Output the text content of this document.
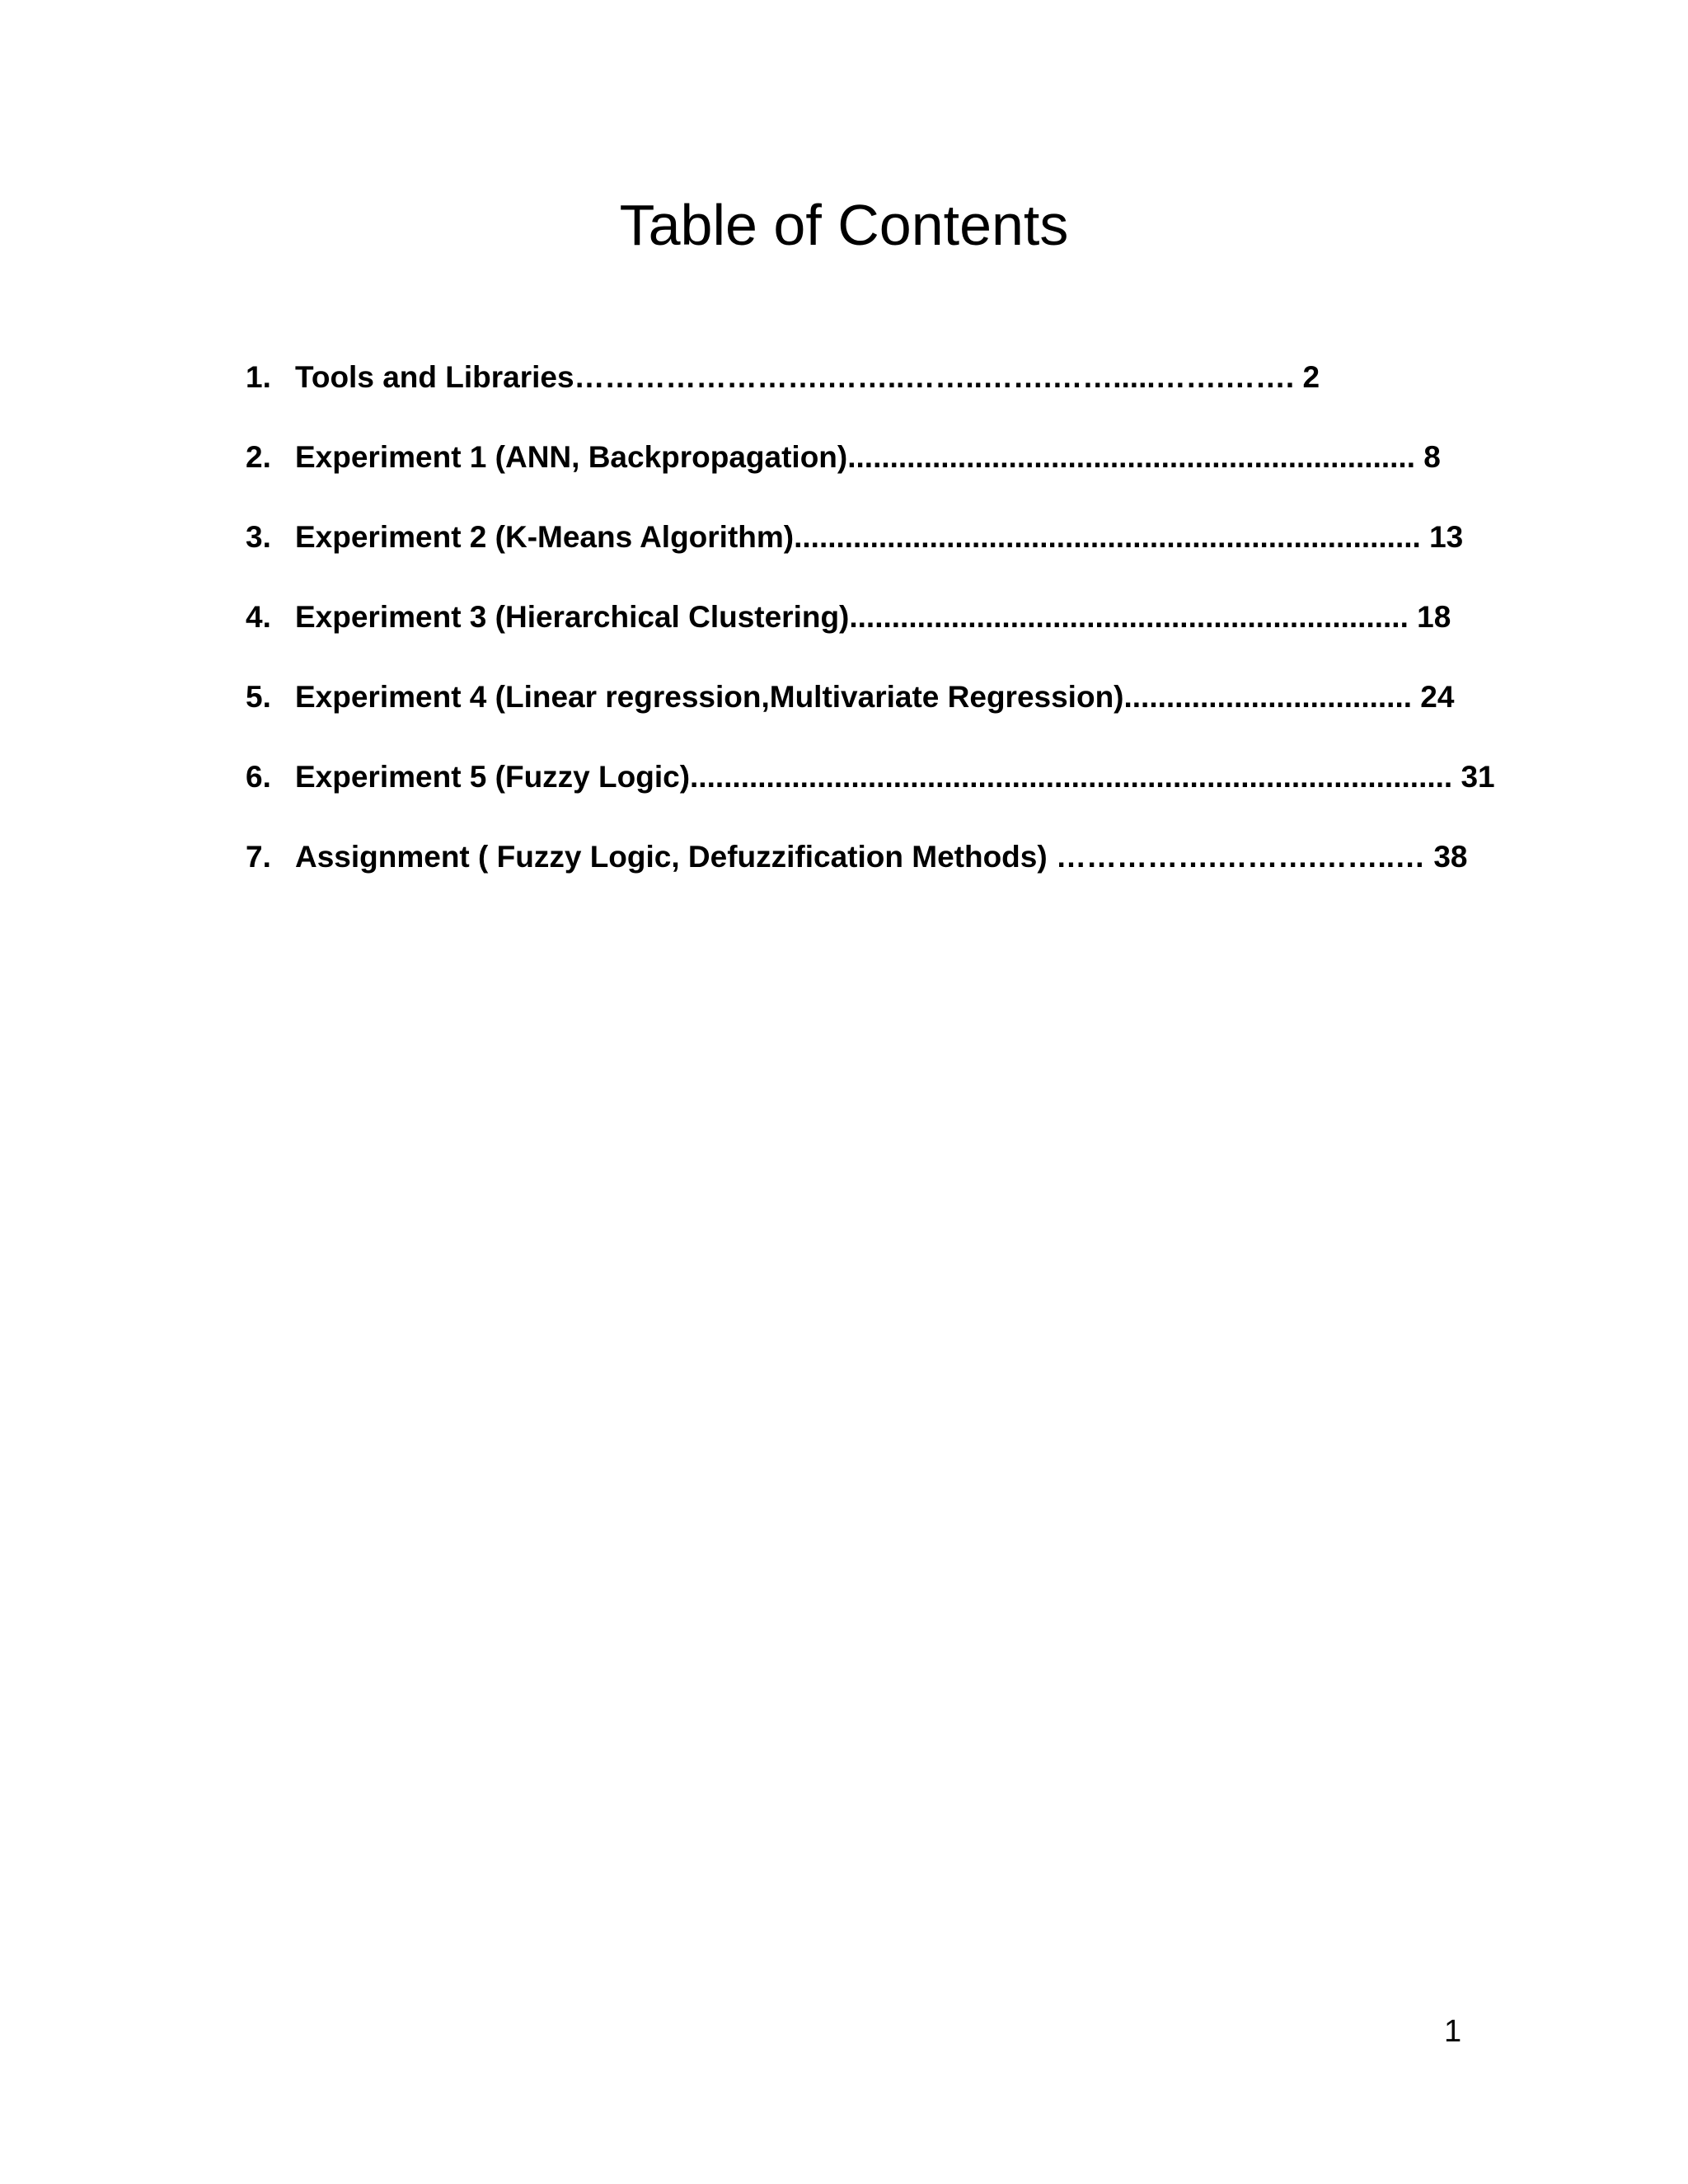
Table of Contents
1. Tools and Libraries…………………….……..……..…….…….....…….……. 2
2. Experiment 1 (ANN, Backpropagation)................................................................... 8
3. Experiment 2 (K-Means Algorithm).......................................................................... 13
4. Experiment 3 (Hierarchical Clustering).................................................................. 18
5. Experiment 4 (Linear regression,Multivariate Regression).................................. 24
6. Experiment 5 (Fuzzy Logic).......................................................................................... 31
7. Assignment ( Fuzzy Logic, Defuzzification Methods) …………….……….……..… 38
1
